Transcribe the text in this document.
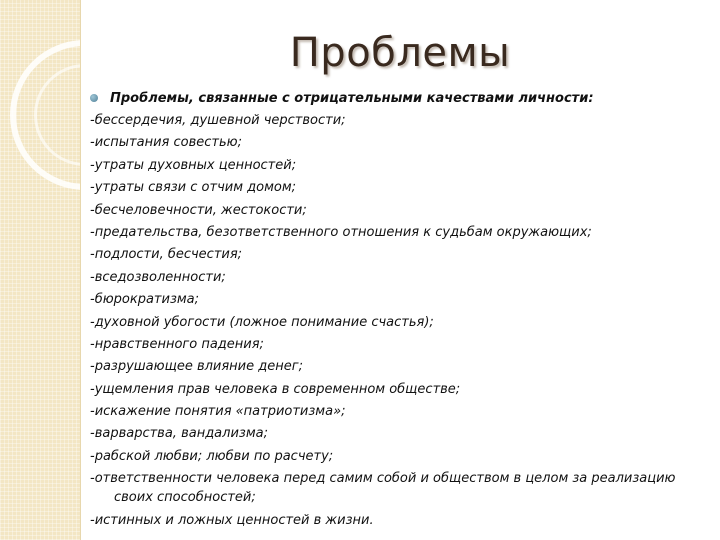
Проблемы
Проблемы, связанные с отрицательными качествами личности:
-бессердечия, душевной черствости;
-испытания совестью;
-утраты духовных ценностей;
-утраты связи с отчим домом;
-бесчеловечности, жестокости;
-предательства, безответственного отношения к судьбам окружающих;
-подлости, бесчестия;
-вседозволенности;
-бюрократизма;
-духовной убогости (ложное понимание счастья);
-нравственного падения;
-разрушающее влияние денег;
-ущемления прав человека в современном обществе;
-искажение понятия «патриотизма»;
-варварства, вандализма;
-рабской любви; любви по расчету;
-ответственности человека перед самим собой и обществом в целом за реализацию своих способностей;
-истинных и ложных ценностей в жизни.
